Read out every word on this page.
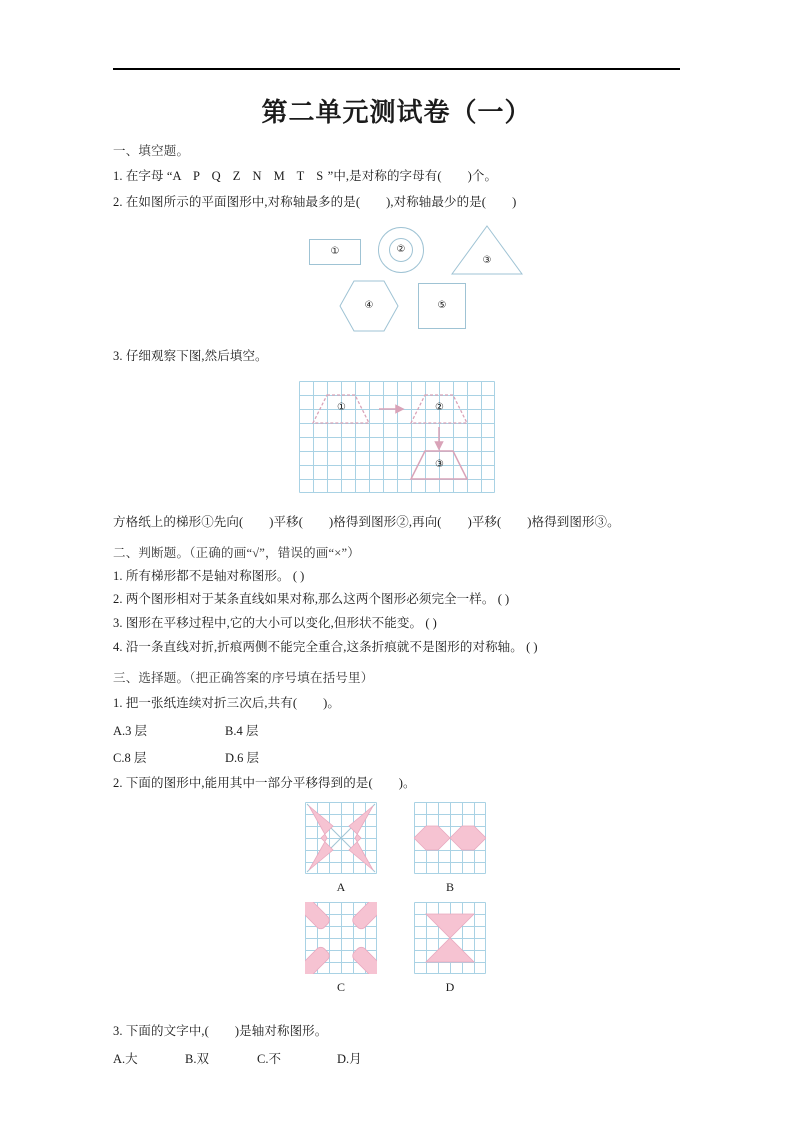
第二单元测试卷（一）
一、填空题。
1. 在字母 “A P Q Z N M T S”中,是对称的字母有( )个。
2. 在如图所示的平面图形中,对称轴最多的是( ),对称轴最少的是( )
①	②
③
④	⑤
3. 仔细观察下图,然后填空。
①	②
③
方格纸上的梯形①先向( )平移( )格得到图形②,再向( )平移( )格得到图形③。
二、判断题。（正确的画“√”，错误的画“×”）
1. 所有梯形都不是轴对称图形。 ( )
2. 两个图形相对于某条直线如果对称,那么这两个图形必须完全一样。 ( )
3. 图形在平移过程中,它的大小可以变化,但形状不能变。 ( )
4. 沿一条直线对折,折痕两侧不能完全重合,这条折痕就不是图形的对称轴。 ( )
三、选择题。（把正确答案的序号填在括号里）
1. 把一张纸连续对折三次后,共有( )。
A.3 层	B.4 层
C.8 层	D.6 层
2. 下面的图形中,能用其中一部分平移得到的是( )。
A	B
C	D
3. 下面的文字中,( )是轴对称图形。
A.大	B.双	C.不	D.月
